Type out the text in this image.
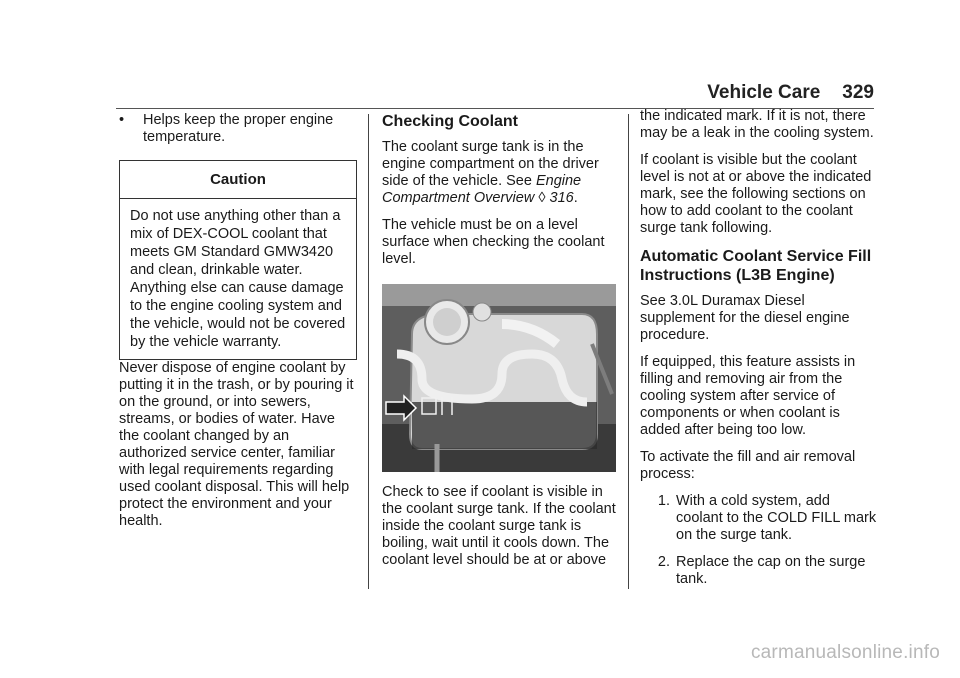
Vehicle Care 329
•	Helps keep the proper engine temperature.
Caution
Do not use anything other than a mix of DEX-COOL coolant that meets GM Standard GMW3420 and clean, drinkable water. Anything else can cause damage to the engine cooling system and the vehicle, would not be covered by the vehicle warranty.

Never dispose of engine coolant by putting it in the trash, or by pouring it on the ground, or into sewers, streams, or bodies of water. Have the coolant changed by an authorized service center, familiar with legal requirements regarding used coolant disposal. This will help protect the environment and your health.

Checking Coolant

The coolant surge tank is in the engine compartment on the driver side of the vehicle. See Engine Compartment Overview ◊ 316.

The vehicle must be on a level surface when checking the coolant level.

Check to see if coolant is visible in the coolant surge tank. If the coolant inside the coolant surge tank is boiling, wait until it cools down. The coolant level should be at or above

the indicated mark. If it is not, there may be a leak in the cooling system.

If coolant is visible but the coolant level is not at or above the indicated mark, see the following sections on how to add coolant to the coolant surge tank following.

Automatic Coolant Service Fill Instructions (L3B Engine)

See 3.0L Duramax Diesel supplement for the diesel engine procedure.

If equipped, this feature assists in filling and removing air from the cooling system after service of components or when coolant is added after being too low.

To activate the fill and air removal process:

1. With a cold system, add coolant to the COLD FILL mark on the surge tank.
2. Replace the cap on the surge tank.
carmanualsonline.info
